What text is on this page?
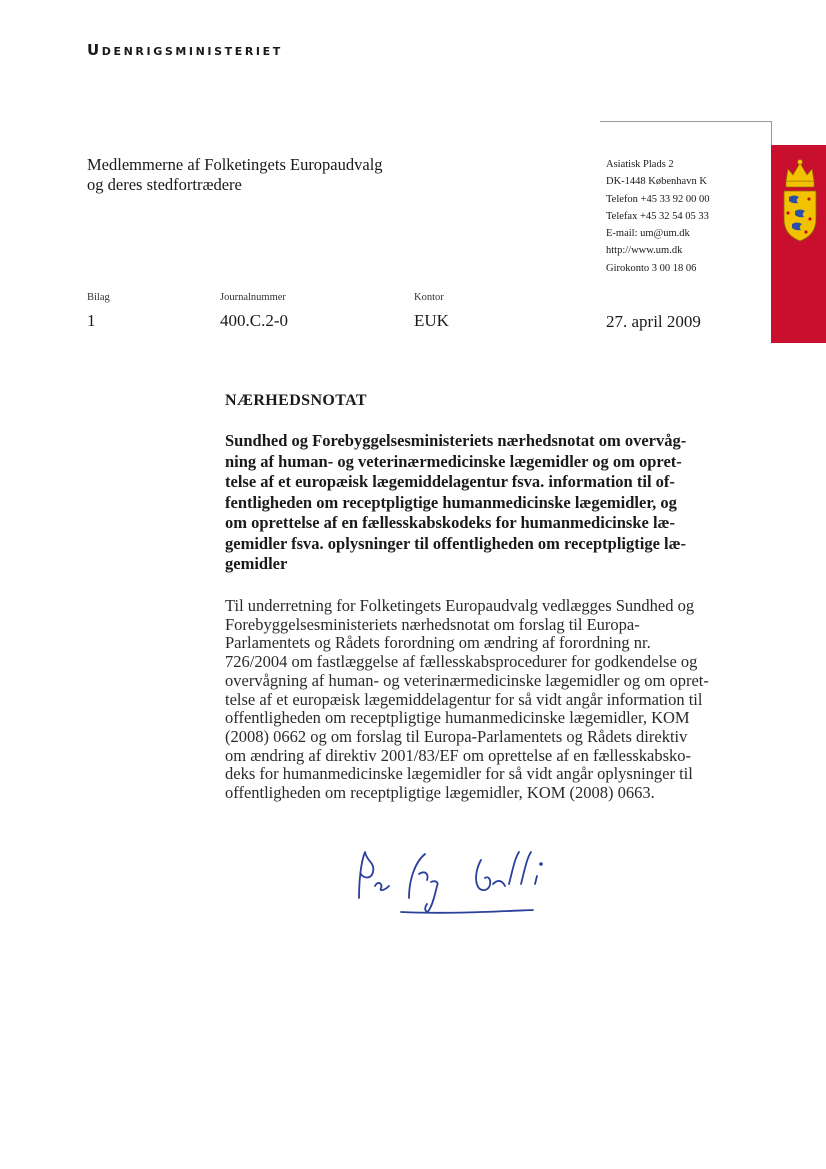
Udenrigsministeriet
Medlemmerne af Folketingets Europaudvalg
og deres stedfortrædere
Asiatisk Plads 2
DK-1448 København K
Telefon +45 33 92 00 00
Telefax +45 32 54 05 33
E-mail: um@um.dk
http://www.um.dk
Girokonto 3 00 18 06
Bilag
1
Journalnummer
400.C.2-0
Kontor
EUK	27. april 2009
NÆRHEDSNOTAT
Sundhed og Forebyggelsesministeriets nærhedsnotat om overvåg-
ning af human- og veterinærmedicinske lægemidler og om opret-
telse af et europæisk lægemiddelagentur fsva. information til of-
fentligheden om receptpligtige humanmedicinske lægemidler, og
om oprettelse af en fællesskabskodeks for humanmedicinske læ-
gemidler fsva. oplysninger til offentligheden om receptpligtige læ-
gemidler
Til underretning for Folketingets Europaudvalg vedlægges Sundhed og
Forebyggelsesministeriets nærhedsnotat om forslag til Europa-
Parlamentets og Rådets forordning om ændring af forordning nr.
726/2004 om fastlæggelse af fællesskabsprocedurer for godkendelse og
overvågning af human- og veterinærmedicinske lægemidler og om opret-
telse af et europæisk lægemiddelagentur for så vidt angår information til
offentligheden om receptpligtige humanmedicinske lægemidler, KOM
(2008) 0662 og om forslag til Europa-Parlamentets og Rådets direktiv
om ændring af direktiv 2001/83/EF om oprettelse af en fællesskabsko-
deks for humanmedicinske lægemidler for så vidt angår oplysninger til
offentligheden om receptpligtige lægemidler, KOM (2008) 0663.
